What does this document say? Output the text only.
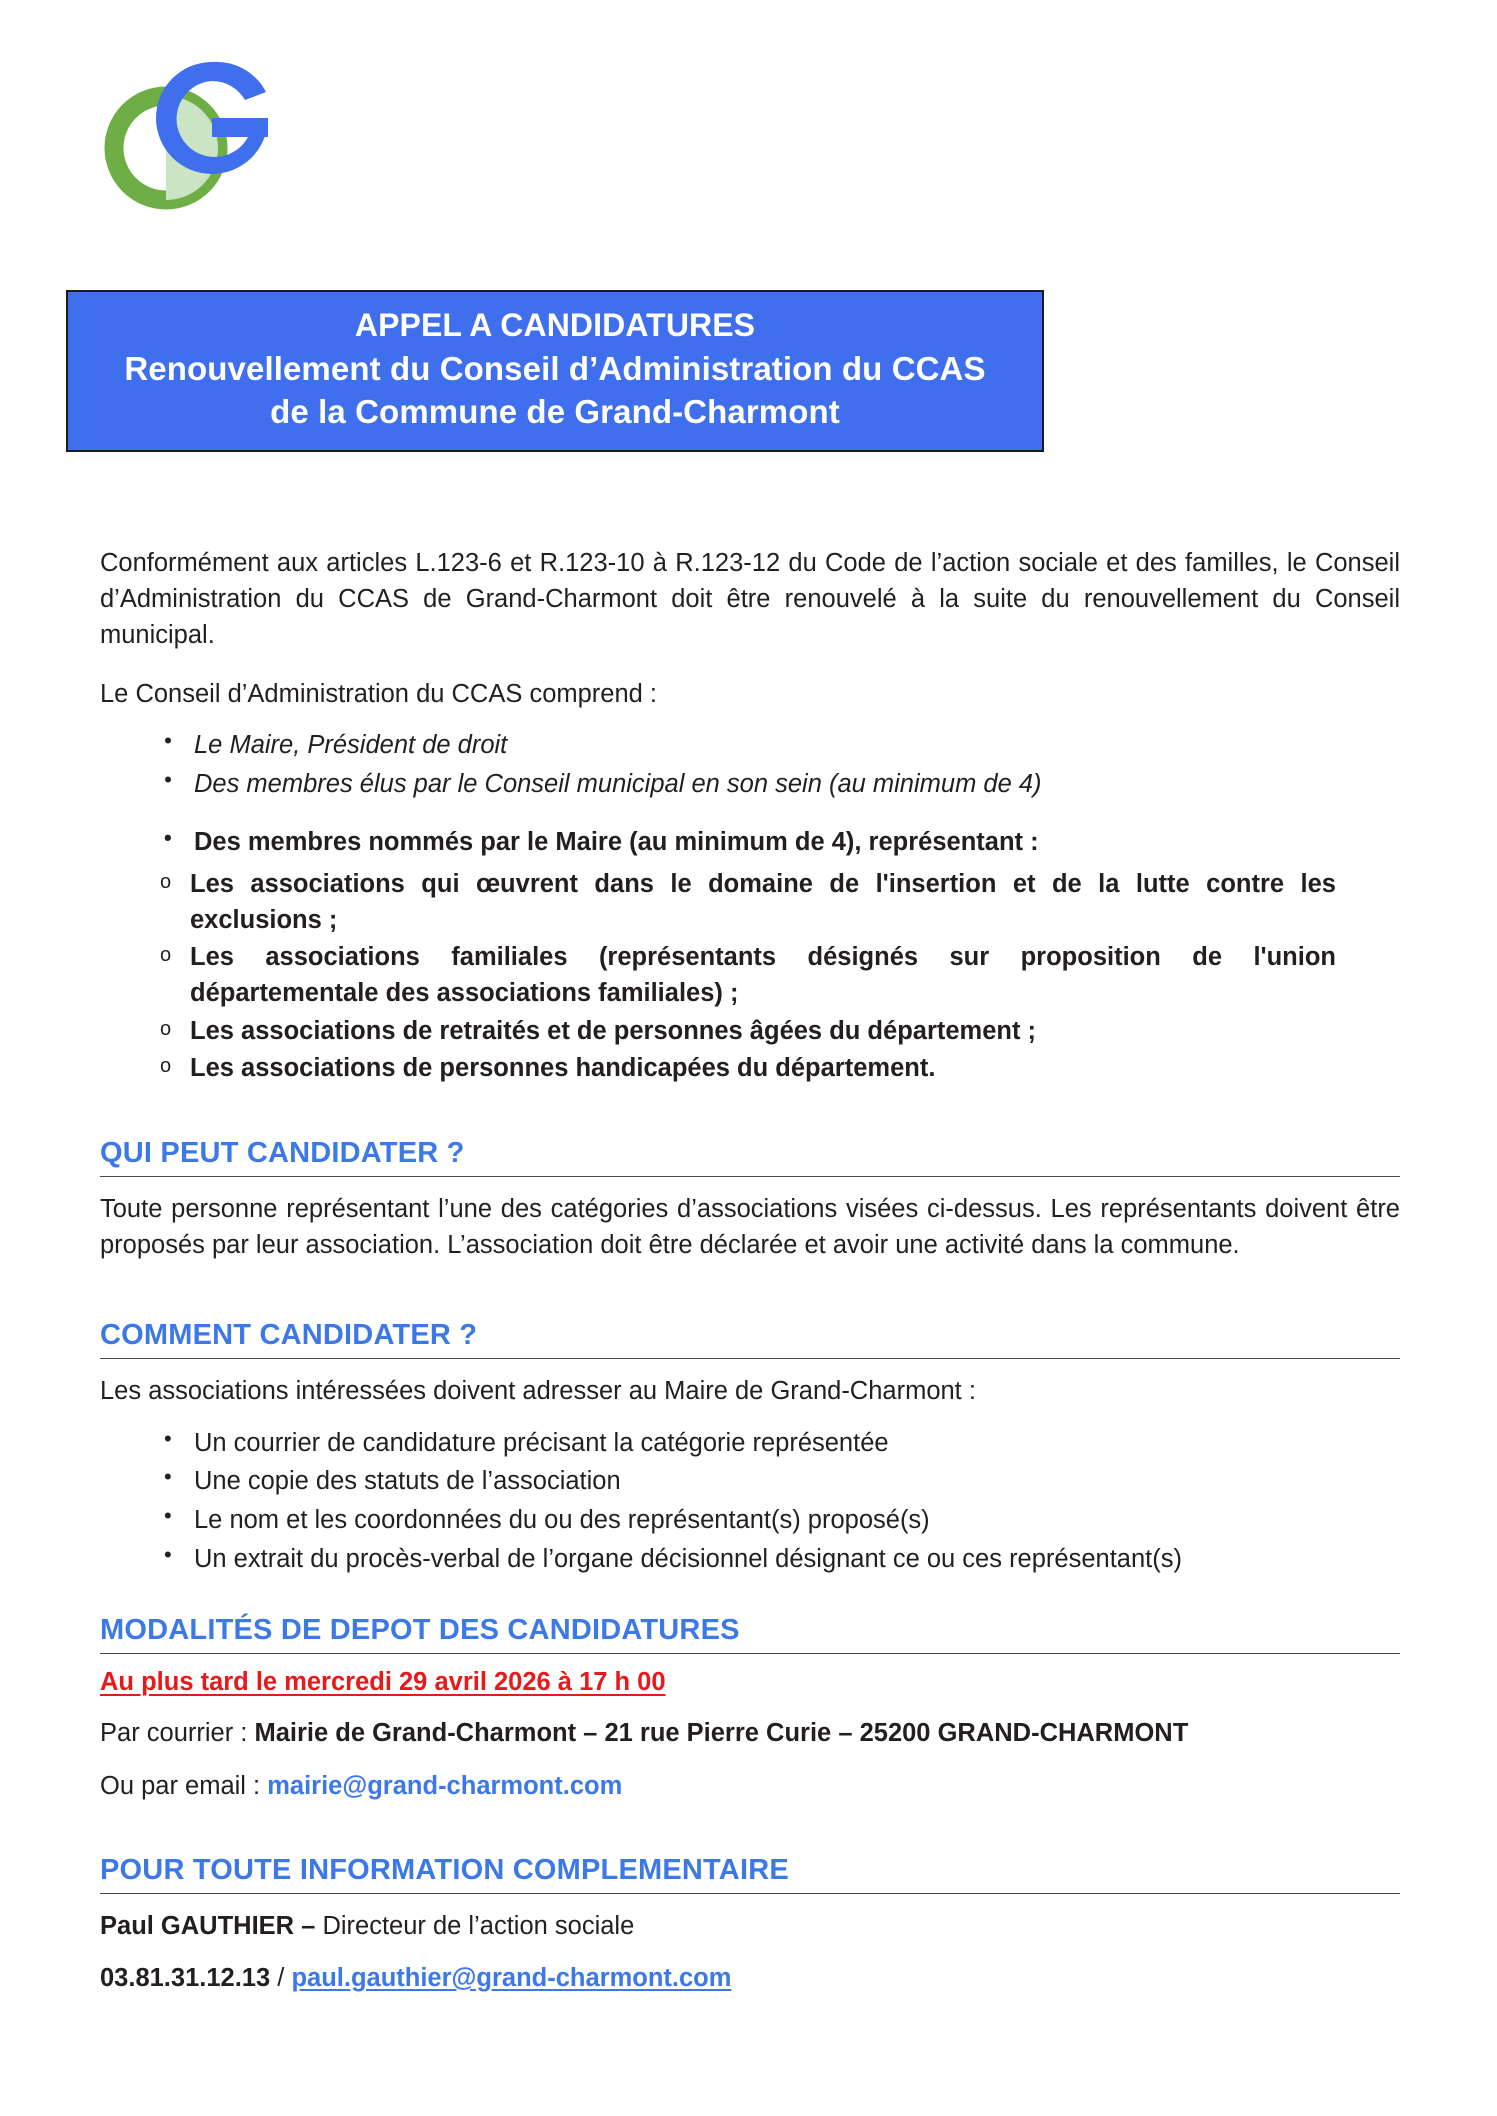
APPEL A CANDIDATURES
Renouvellement du Conseil d’Administration du CCAS
de la Commune de Grand-Charmont

Conformément aux articles L.123-6 et R.123-10 à R.123-12 du Code de l’action sociale et des familles, le Conseil d’Administration du CCAS de Grand-Charmont doit être renouvelé à la suite du renouvellement du Conseil municipal.

Le Conseil d’Administration du CCAS comprend :

• Le Maire, Président de droit
• Des membres élus par le Conseil municipal en son sein (au minimum de 4)
• Des membres nommés par le Maire (au minimum de 4), représentant :
o Les associations qui œuvrent dans le domaine de l'insertion et de la lutte contre les exclusions ;
o Les associations familiales (représentants désignés sur proposition de l'union départementale des associations familiales) ;
o Les associations de retraités et de personnes âgées du département ;
o Les associations de personnes handicapées du département.
QUI PEUT CANDIDATER ?

Toute personne représentant l’une des catégories d’associations visées ci-dessus. Les représentants doivent être proposés par leur association. L’association doit être déclarée et avoir une activité dans la commune.

COMMENT CANDIDATER ?

Les associations intéressées doivent adresser au Maire de Grand-Charmont :

• Un courrier de candidature précisant la catégorie représentée
• Une copie des statuts de l’association
• Le nom et les coordonnées du ou des représentant(s) proposé(s)
• Un extrait du procès-verbal de l’organe décisionnel désignant ce ou ces représentant(s)
MODALITÉS DE DEPOT DES CANDIDATURES
Au plus tard le mercredi 29 avril 2026 à 17 h 00

Par courrier : Mairie de Grand-Charmont – 21 rue Pierre Curie – 25200 GRAND-CHARMONT

Ou par email : mairie@grand-charmont.com

POUR TOUTE INFORMATION COMPLEMENTAIRE

Paul GAUTHIER – Directeur de l’action sociale

03.81.31.12.13 / paul.gauthier@grand-charmont.com
